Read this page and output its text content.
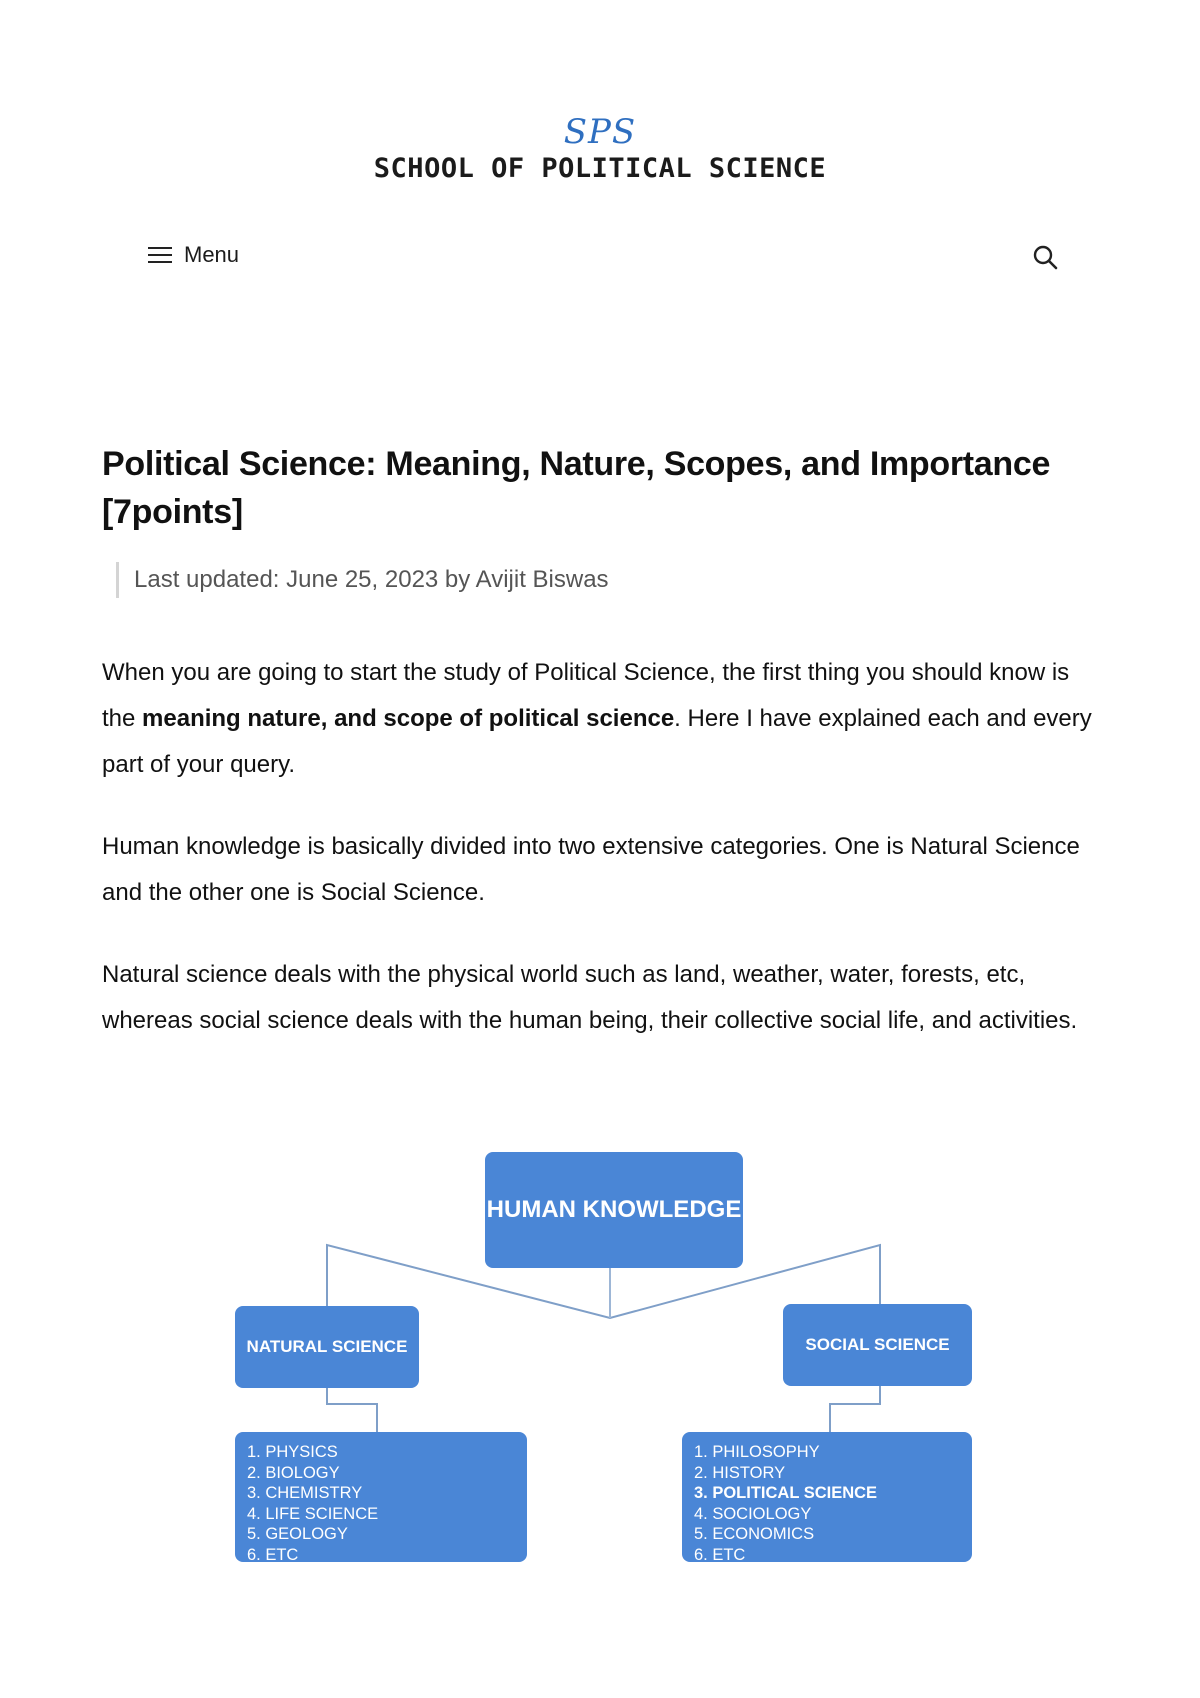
SPS
SCHOOL OF POLITICAL SCIENCE
Menu
Political Science: Meaning, Nature, Scopes, and Importance [7points]
Last updated: June 25, 2023 by Avijit Biswas

When you are going to start the study of Political Science, the first thing you should know is the meaning nature, and scope of political science. Here I have explained each and every part of your query.

Human knowledge is basically divided into two extensive categories. One is Natural Science and the other one is Social Science.

Natural science deals with the physical world such as land, weather, water, forests, etc, whereas social science deals with the human being, their collective social life, and activities.

HUMAN KNOWLEDGE
NATURAL SCIENCE	SOCIAL SCIENCE
1. PHYSICS
2. BIOLOGY
3. CHEMISTRY
4. LIFE SCIENCE
5. GEOLOGY
6. ETC
1. PHILOSOPHY
2. HISTORY
3. POLITICAL SCIENCE
4. SOCIOLOGY
5. ECONOMICS
6. ETC
